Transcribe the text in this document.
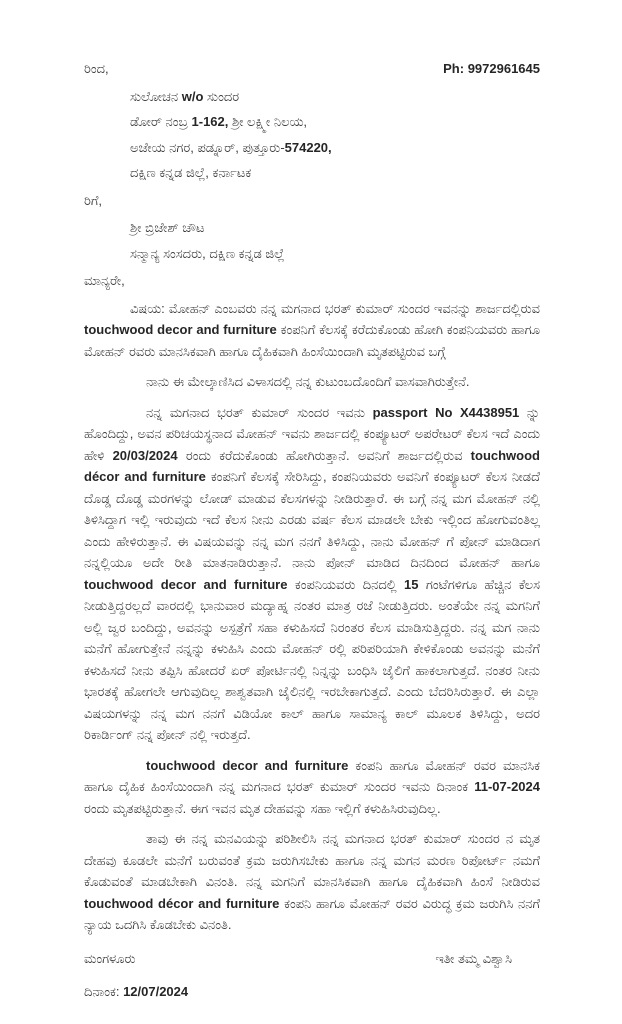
ರಿಂದ,	Ph: 9972961645
ಸುಲೋಚನ w/o ಸುಂದರ
ಡೋರ್ ನಂಬ್ರ 1-162, ಶ್ರೀ ಲಕ್ಷ್ಮೀ ನಿಲಯ,
ಅಜೇಯ ನಗರ, ಪಡ್ನೂರ್, ಪುತ್ತೂರು-574220,
ದಕ್ಷಿಣ ಕನ್ನಡ ಜಿಲ್ಲೆ, ಕರ್ನಾಟಕ
ರಿಗೆ,
ಶ್ರೀ ಬ್ರಿಜೇಶ್ ಚೌಟ
ಸನ್ಮಾನ್ಯ ಸಂಸದರು, ದಕ್ಷಿಣ ಕನ್ನಡ ಜಿಲ್ಲೆ
ಮಾನ್ಯರೇ,

ವಿಷಯ: ಮೋಹನ್ ಎಂಬವರು ನನ್ನ ಮಗನಾದ ಭರತ್ ಕುಮಾರ್ ಸುಂದರ ಇವನನ್ನು ಶಾರ್ಜದಲ್ಲಿರುವ touchwood decor and furniture ಕಂಪನಿಗೆ ಕೆಲಸಕ್ಕೆ ಕರೆದುಕೊಂಡು ಹೋಗಿ ಕಂಪನಿಯವರು ಹಾಗೂ ಮೋಹನ್ ರವರು ಮಾನಸಿಕವಾಗಿ ಹಾಗೂ ದೈಹಿಕವಾಗಿ ಹಿಂಸೆಯಿಂದಾಗಿ ಮೃತಪಟ್ಟಿರುವ ಬಗ್ಗೆ

ನಾನು ಈ ಮೇಲ್ಕಾಣಿಸಿದ ವಿಳಾಸದಲ್ಲಿ ನನ್ನ ಕುಟುಂಬದೊಂದಿಗೆ ವಾಸವಾಗಿರುತ್ತೇನೆ.

ನನ್ನ ಮಗನಾದ ಭರತ್ ಕುಮಾರ್ ಸುಂದರ ಇವನು passport No X4438951 ನ್ನು ಹೊಂದಿದ್ದು, ಅವನ ಪರಿಚಯಸ್ಥನಾದ ಮೋಹನ್ ಇವನು ಶಾರ್ಜದಲ್ಲಿ ಕಂಪ್ಯೂಟರ್ ಅಪರೇಟರ್ ಕೆಲಸ ಇದೆ ಎಂದು ಹೇಳಿ 20/03/2024 ರಂದು ಕರೆದುಕೊಂಡು ಹೋಗಿರುತ್ತಾನೆ. ಅವನಿಗೆ ಶಾರ್ಜದಲ್ಲಿರುವ touchwood décor and furniture ಕಂಪನಿಗೆ ಕೆಲಸಕ್ಕೆ ಸೇರಿಸಿದ್ದು, ಕಂಪನಿಯವರು ಅವನಿಗೆ ಕಂಪ್ಯೂಟರ್ ಕೆಲಸ ನೀಡದೆ ದೊಡ್ಡ ದೊಡ್ಡ ಮರಗಳನ್ನು ಲೋಡ್ ಮಾಡುವ ಕೆಲಸಗಳನ್ನು ನೀಡಿರುತ್ತಾರೆ. ಈ ಬಗ್ಗೆ ನನ್ನ ಮಗ ಮೋಹನ್ ನಲ್ಲಿ ತಿಳಿಸಿದ್ದಾಗ ಇಲ್ಲಿ ಇರುವುದು ಇದೆ ಕೆಲಸ ನೀನು ಎರಡು ವರ್ಷ ಕೆಲಸ ಮಾಡಲೇ ಬೇಕು ಇಲ್ಲಿಂದ ಹೋಗುವಂತಿಲ್ಲ ಎಂದು ಹೇಳಿರುತ್ತಾನೆ. ಈ ವಿಷಯವನ್ನು ನನ್ನ ಮಗ ನನಗೆ ತಿಳಿಸಿದ್ದು, ನಾನು ಮೋಹನ್ ಗೆ ಪೋನ್ ಮಾಡಿದಾಗ ನನ್ನಲ್ಲಿಯೂ ಅದೇ ರೀತಿ ಮಾತನಾಡಿರುತ್ತಾನೆ. ನಾನು ಪೋನ್ ಮಾಡಿದ ದಿನದಿಂದ ಮೋಹನ್ ಹಾಗೂ touchwood decor and furniture ಕಂಪನಿಯವರು ದಿನದಲ್ಲಿ 15 ಗಂಟೆಗಳಿಗೂ ಹೆಚ್ಚಿನ ಕೆಲಸ ನೀಡುತ್ತಿದ್ದರಲ್ಲದೆ ವಾರದಲ್ಲಿ ಭಾನುವಾರ ಮದ್ಯಾಹ್ನ ನಂತರ ಮಾತ್ರ ರಜೆ ನೀಡುತ್ತಿದರು. ಅಂತೆಯೇ ನನ್ನ ಮಗನಿಗೆ ಅಲ್ಲಿ ಜ್ವರ ಬಂದಿದ್ದು, ಅವನನ್ನು ಅಸ್ಪತ್ರೆಗೆ ಸಹಾ ಕಳುಹಿಸದೆ ನಿರಂತರ ಕೆಲಸ ಮಾಡಿಸುತ್ತಿದ್ದರು. ನನ್ನ ಮಗ ನಾನು ಮನೆಗೆ ಹೋಗುತ್ತೇನೆ ನನ್ನನ್ನು ಕಳುಹಿಸಿ ಎಂದು ಮೋಹನ್ ರಲ್ಲಿ ಪರಿಪರಿಯಾಗಿ ಕೇಳಿಕೊಂಡು ಅವನನ್ನು ಮನೆಗೆ ಕಳುಹಿಸದೆ ನೀನು ತಪ್ಪಿಸಿ ಹೋದರೆ ಏರ್ ಪೋರ್ಟಿನಲ್ಲಿ ನಿನ್ನನ್ನು ಬಂಧಿಸಿ ಜೈಲಿಗೆ ಹಾಕಲಾಗುತ್ತದೆ. ನಂತರ ನೀನು ಭಾರತಕ್ಕೆ ಹೋಗಲೇ ಆಗುವುದಿಲ್ಲ ಶಾಶ್ವತವಾಗಿ ಜೈಲಿನಲ್ಲಿ ಇರಬೇಕಾಗುತ್ತದೆ. ಎಂದು ಬೆದರಿಸಿರುತ್ತಾರೆ. ಈ ಎಲ್ಲಾ ವಿಷಯಗಳನ್ನು ನನ್ನ ಮಗ ನನಗೆ ವಿಡಿಯೋ ಕಾಲ್ ಹಾಗೂ ಸಾಮಾನ್ಯ ಕಾಲ್ ಮೂಲಕ ತಿಳಿಸಿದ್ದು, ಅದರ ರಿಕಾರ್ಡಿಂಗ್ ನನ್ನ ಪೋನ್ ನಲ್ಲಿ ಇರುತ್ತದೆ.

touchwood decor and furniture ಕಂಪನಿ ಹಾಗೂ ಮೋಹನ್ ರವರ ಮಾನಸಿಕ ಹಾಗೂ ದೈಹಿಕ ಹಿಂಸೆಯಿಂದಾಗಿ ನನ್ನ ಮಗನಾದ ಭರತ್ ಕುಮಾರ್ ಸುಂದರ ಇವನು ದಿನಾಂಕ 11-07-2024 ರಂದು ಮೃತಪಟ್ಟಿರುತ್ತಾನೆ. ಈಗ ಇವನ ಮೃತ ದೇಹವನ್ನು ಸಹಾ ಇಲ್ಲಿಗೆ ಕಳುಹಿಸಿರುವುದಿಲ್ಲ.

ತಾವು ಈ ನನ್ನ ಮನವಿಯನ್ನು ಪರಿಶೀಲಿಸಿ ನನ್ನ ಮಗನಾದ ಭರತ್ ಕುಮಾರ್ ಸುಂದರ ನ ಮೃತ ದೇಹವು ಕೂಡಲೇ ಮನೆಗೆ ಬರುವಂತೆ ಕ್ರಮ ಜರುಗಿಸಬೇಕು ಹಾಗೂ ನನ್ನ ಮಗನ ಮರಣ ರಿಪೋರ್ಟ್ ನಮಗೆ ಕೊಡುವಂತೆ ಮಾಡಬೇಕಾಗಿ ವಿನಂತಿ. ನನ್ನ ಮಗನಿಗೆ ಮಾನಸಿಕವಾಗಿ ಹಾಗೂ ದೈಹಿಕವಾಗಿ ಹಿಂಸೆ ನೀಡಿರುವ touchwood décor and furniture ಕಂಪನಿ ಹಾಗೂ ಮೋಹನ್ ರವರ ವಿರುದ್ಧ ಕ್ರಮ ಜರುಗಿಸಿ ನನಗೆ ನ್ಯಾಯ ಒದಗಿಸಿ ಕೊಡಬೇಕು ವಿನಂತಿ.

ಮಂಗಳೂರು	ಇತೀ ತಮ್ಮ ವಿಶ್ವಾಸಿ
ದಿನಾಂಕ: 12/07/2024
